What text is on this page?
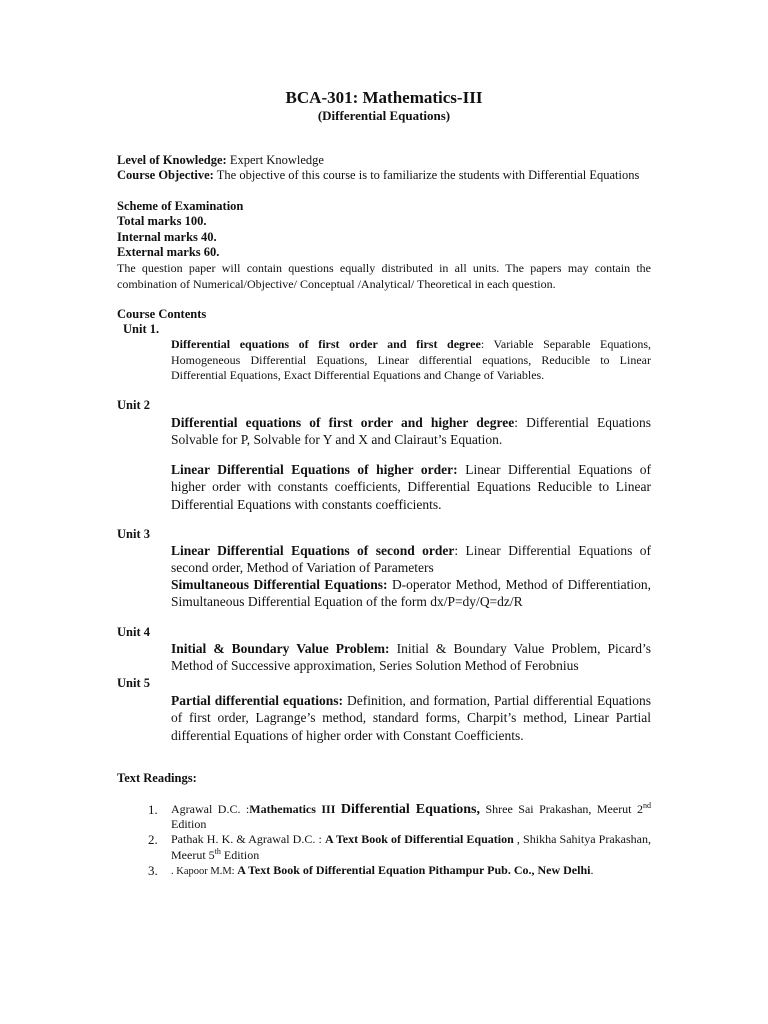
BCA-301: Mathematics-III
(Differential Equations)
Level of Knowledge: Expert Knowledge
Course Objective: The objective of this course is to familiarize the students with Differential Equations
Scheme of Examination
Total marks 100.
Internal marks 40.
External marks 60.
The question paper will contain questions equally distributed in all units. The papers may contain the combination of Numerical/Objective/ Conceptual /Analytical/ Theoretical in each question.
Course Contents
Unit 1.
Differential equations of first order and first degree: Variable Separable Equations, Homogeneous Differential Equations, Linear differential equations, Reducible to Linear Differential Equations, Exact Differential Equations and Change of Variables.
Unit 2
Differential equations of first order and higher degree: Differential Equations Solvable for P, Solvable for Y and X and Clairaut’s Equation.
Linear Differential Equations of higher order: Linear Differential Equations of higher order with constants coefficients, Differential Equations Reducible to Linear Differential Equations with constants coefficients.
Unit 3
Linear Differential Equations of second order: Linear Differential Equations of second order, Method of Variation of Parameters
Simultaneous Differential Equations: D-operator Method, Method of Differentiation, Simultaneous Differential Equation of the form dx/P=dy/Q=dz/R
Unit 4
Initial & Boundary Value Problem: Initial & Boundary Value Problem, Picard’s Method of Successive approximation, Series Solution Method of Ferobnius
Unit 5
Partial differential equations: Definition, and formation, Partial differential Equations of first order, Lagrange’s method, standard forms, Charpit’s method, Linear Partial differential Equations of higher order with Constant Coefficients.
Text Readings:
1.	Agrawal D.C. :Mathematics III Differential Equations, Shree Sai Prakashan, Meerut 2nd Edition
2.	Pathak H. K. & Agrawal D.C. : A Text Book of Differential Equation , Shikha Sahitya Prakashan, Meerut 5th Edition
3.	. Kapoor M.M: A Text Book of Differential Equation Pithampur Pub. Co., New Delhi.
